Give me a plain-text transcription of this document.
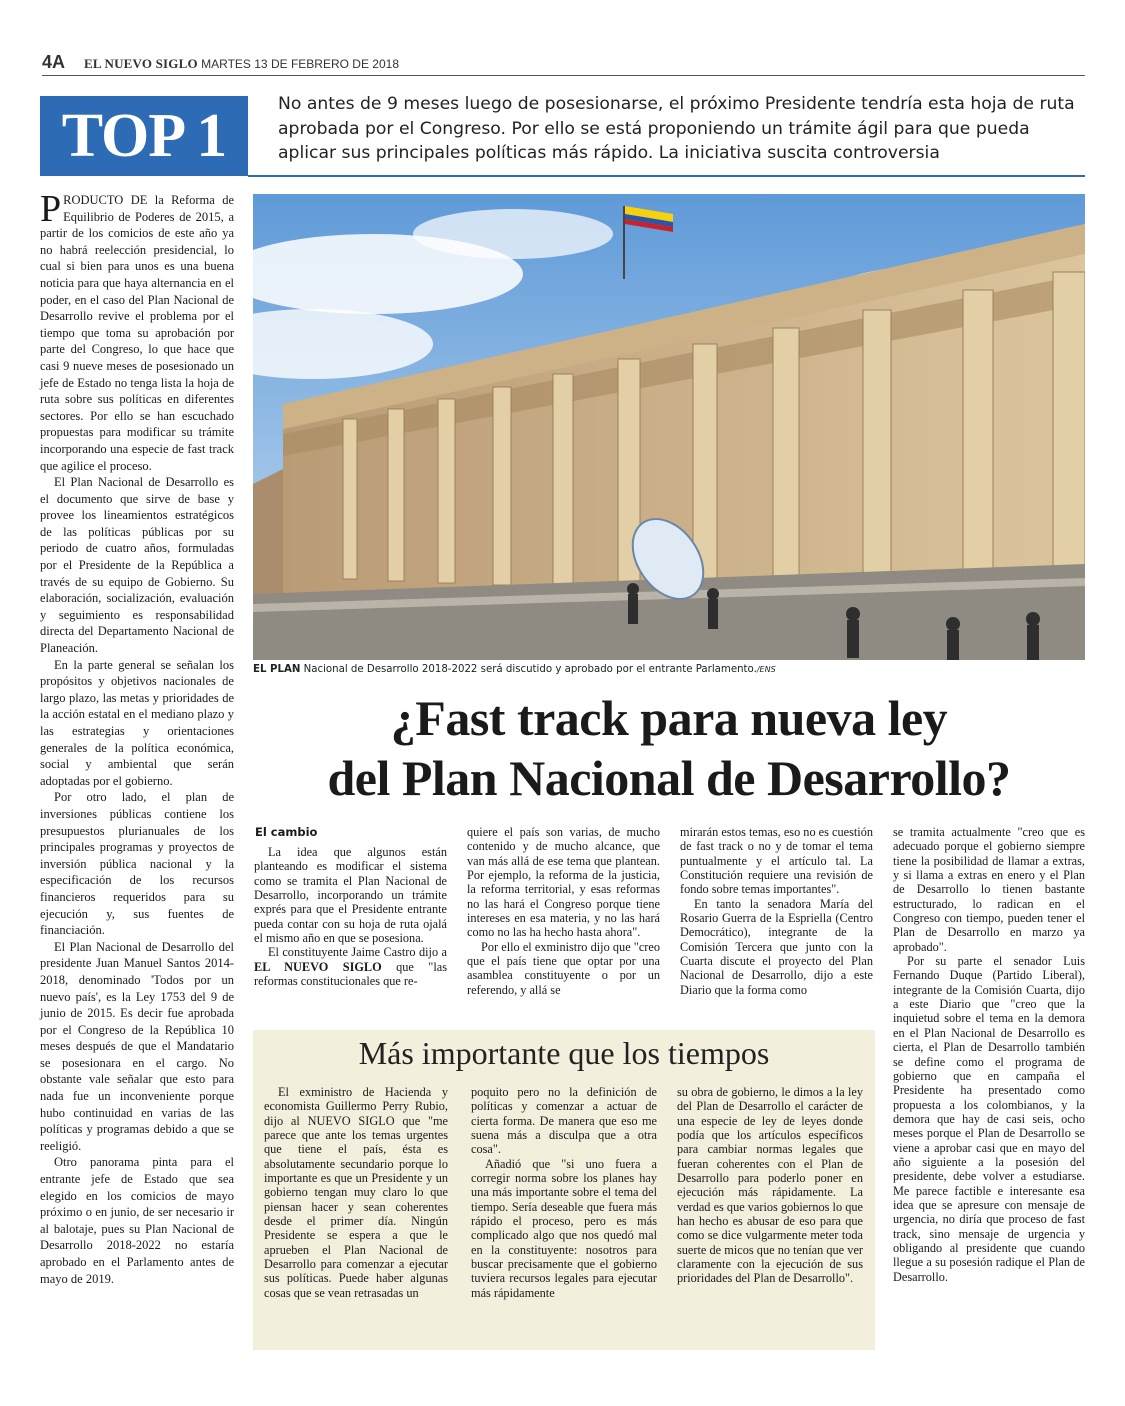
4A EL NUEVO SIGLO MARTES 13 DE FEBRERO DE 2018
TOP 1	No antes de 9 meses luego de posesionarse, el próximo Presidente tendría esta hoja de ruta aprobada por el Congreso. Por ello se está proponiendo un trámite ágil para que pueda aplicar sus principales políticas más rápido. La iniciativa suscita controversia

PRODUCTO DE la Reforma de Equilibrio de Poderes de 2015, a partir de los comicios de este año ya no habrá reelección presidencial, lo cual si bien para unos es una buena noticia para que haya alternancia en el poder, en el caso del Plan Nacional de Desarrollo revive el problema por el tiempo que toma su aprobación por parte del Congreso, lo que hace que casi 9 nueve meses de posesionado un jefe de Estado no tenga lista la hoja de ruta sobre sus políticas en diferentes sectores. Por ello se han escuchado propuestas para modificar su trámite incorporando una especie de fast track que agilice el proceso.

El Plan Nacional de Desarrollo es el documento que sirve de base y provee los lineamientos estratégicos de las políticas públicas por su periodo de cuatro años, formuladas por el Presidente de la República a través de su equipo de Gobierno. Su elaboración, socialización, evaluación y seguimiento es responsabilidad directa del Departamento Nacional de Planeación.

En la parte general se señalan los propósitos y objetivos nacionales de largo plazo, las metas y prioridades de la acción estatal en el mediano plazo y las estrategias y orientaciones generales de la política económica, social y ambiental que serán adoptadas por el gobierno.

Por otro lado, el plan de inversiones públicas contiene los presupuestos plurianuales de los principales programas y proyectos de inversión pública nacional y la especificación de los recursos financieros requeridos para su ejecución y, sus fuentes de financiación.

El Plan Nacional de Desarrollo del presidente Juan Manuel Santos 2014-2018, denominado 'Todos por un nuevo país', es la Ley 1753 del 9 de junio de 2015. Es decir fue aprobada por el Congreso de la República 10 meses después de que el Mandatario se posesionara en el cargo. No obstante vale señalar que esto para nada fue un inconveniente porque hubo continuidad en varias de las políticas y programas debido a que se reeligió.

Otro panorama pinta para el entrante jefe de Estado que sea elegido en los comicios de mayo próximo o en junio, de ser necesario ir al balotaje, pues su Plan Nacional de Desarrollo 2018-2022 no estaría aprobado en el Parlamento antes de mayo de 2019.

EL PLAN Nacional de Desarrollo 2018-2022 será discutido y aprobado por el entrante Parlamento./ENS
¿Fast track para nueva ley
del Plan Nacional de Desarrollo?
El cambio

La idea que algunos están planteando es modificar el sistema como se tramita el Plan Nacional de Desarrollo, incorporando un trámite exprés para que el Presidente entrante pueda contar con su hoja de ruta ojalá el mismo año en que se posesiona.

El constituyente Jaime Castro dijo a EL NUEVO SIGLO que "las reformas constitucionales que re-

quiere el país son varias, de mucho contenido y de mucho alcance, que van más allá de ese tema que plantean. Por ejemplo, la reforma de la justicia, la reforma territorial, y esas reformas no las hará el Congreso porque tiene intereses en esa materia, y no las hará como no las ha hecho hasta ahora".

Por ello el exministro dijo que "creo que el país tiene que optar por una asamblea constituyente o por un referendo, y allá se

mirarán estos temas, eso no es cuestión de fast track o no y de tomar el tema puntualmente y el artículo tal. La Constitución requiere una revisión de fondo sobre temas importantes".

En tanto la senadora María del Rosario Guerra de la Espriella (Centro Democrático), integrante de la Comisión Tercera que junto con la Cuarta discute el proyecto del Plan Nacional de Desarrollo, dijo a este Diario que la forma como

se tramita actualmente "creo que es adecuado porque el gobierno siempre tiene la posibilidad de llamar a extras, y si llama a extras en enero y el Plan de Desarrollo lo tienen bastante estructurado, lo radican en el Congreso con tiempo, pueden tener el Plan de Desarrollo en marzo ya aprobado".

Por su parte el senador Luis Fernando Duque (Partido Liberal), integrante de la Comisión Cuarta, dijo a este Diario que "creo que la inquietud sobre el tema en la demora en el Plan Nacional de Desarrollo es cierta, el Plan de Desarrollo también se define como el programa de gobierno que en campaña el Presidente ha presentado como propuesta a los colombianos, y la demora que hay de casi seis, ocho meses porque el Plan de Desarrollo se viene a aprobar casi que en mayo del año siguiente a la posesión del presidente, debe volver a estudiarse. Me parece factible e interesante esa idea que se apresure con mensaje de urgencia, no diría que proceso de fast track, sino mensaje de urgencia y obligando al presidente que cuando llegue a su posesión radique el Plan de Desarrollo.

Más importante que los tiempos

El exministro de Hacienda y economista Guillermo Perry Rubio, dijo al NUEVO SIGLO que "me parece que ante los temas urgentes que tiene el país, ésta es absolutamente secundario porque lo importante es que un Presidente y un gobierno tengan muy claro lo que piensan hacer y sean coherentes desde el primer día. Ningún Presidente se espera a que le aprueben el Plan Nacional de Desarrollo para comenzar a ejecutar sus políticas. Puede haber algunas cosas que se vean retrasadas un

poquito pero no la definición de políticas y comenzar a actuar de cierta forma. De manera que eso me suena más a disculpa que a otra cosa".

Añadió que "si uno fuera a corregir norma sobre los planes hay una más importante sobre el tema del tiempo. Sería deseable que fuera más rápido el proceso, pero es más complicado algo que nos quedó mal en la constituyente: nosotros para buscar precisamente que el gobierno tuviera recursos legales para ejecutar más rápidamente

su obra de gobierno, le dimos a la ley del Plan de Desarrollo el carácter de una especie de ley de leyes donde podía que los artículos específicos para cambiar normas legales que fueran coherentes con el Plan de Desarrollo para poderlo poner en ejecución más rápidamente. La verdad es que varios gobiernos lo que han hecho es abusar de eso para que como se dice vulgarmente meter toda suerte de micos que no tenían que ver claramente con la ejecución de sus prioridades del Plan de Desarrollo".
